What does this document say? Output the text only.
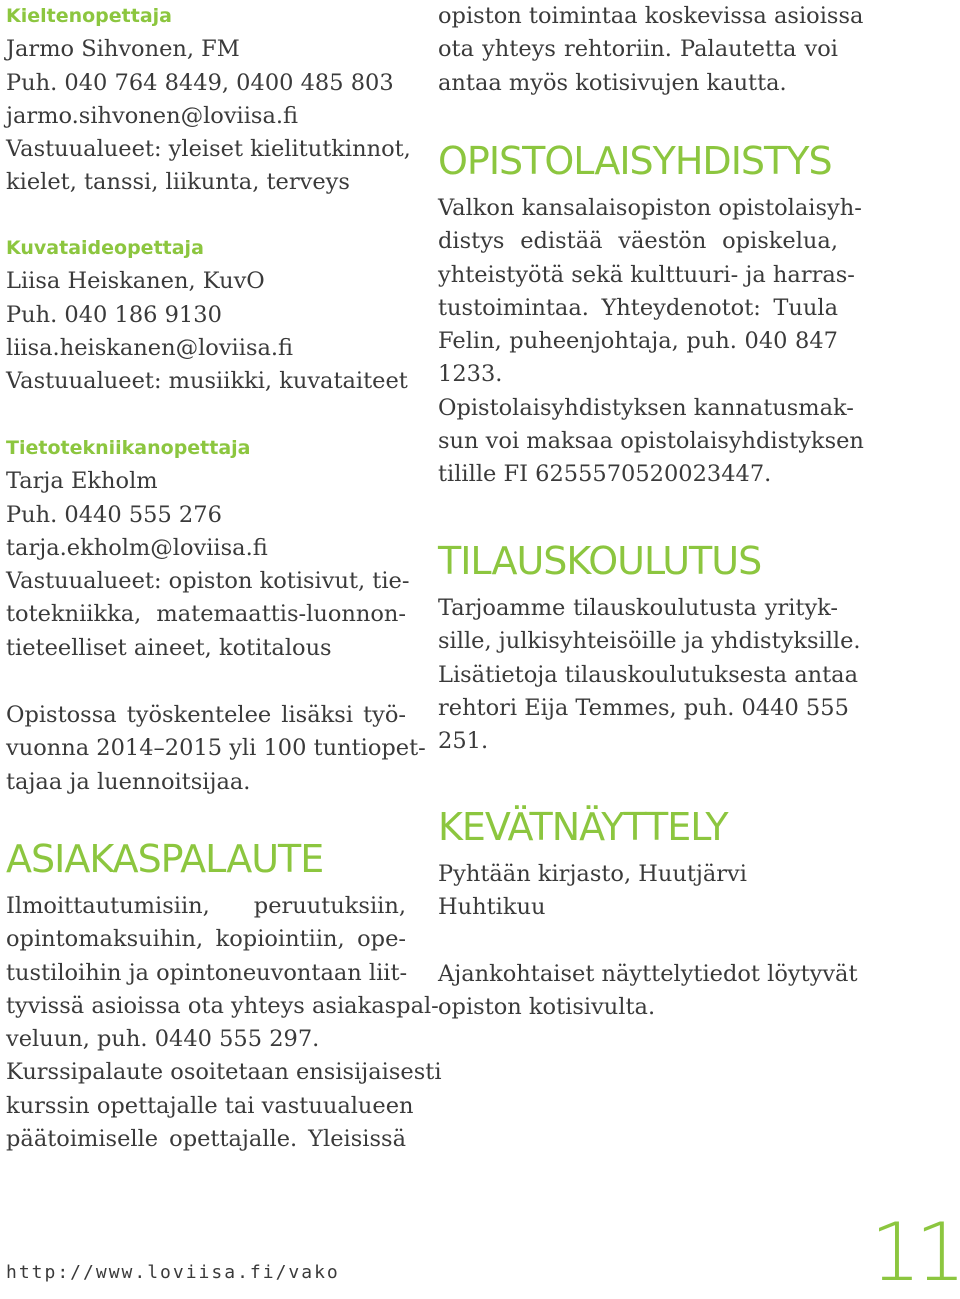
Kieltenopettaja
Jarmo Sihvonen, FM
Puh. 040 764 8449, 0400 485 803
jarmo.sihvonen@loviisa.fi
Vastuualueet: yleiset kielitutkinnot,
kielet, tanssi, liikunta, terveys
Kuvataideopettaja
Liisa Heiskanen, KuvO
Puh. 040 186 9130
liisa.heiskanen@loviisa.fi
Vastuualueet: musiikki, kuvataiteet
Tietotekniikanopettaja
Tarja Ekholm
Puh. 0440 555 276
tarja.ekholm@loviisa.fi
Vastuualueet: opiston kotisivut, tie-
totekniikka, matemaattis-luonnon-
tieteelliset aineet, kotitalous
Opistossa työskentelee lisäksi työ-
vuonna 2014–2015 yli 100 tuntiopet-
tajaa ja luennoitsijaa.
ASIAKASPALAUTE
Ilmoittautumisiin, peruutuksiin,
opintomaksuihin, kopiointiin, ope-
tustiloihin ja opintoneuvontaan liit-
tyvissä asioissa ota yhteys asiakaspal-
veluun, puh. 0440 555 297.
Kurssipalaute osoitetaan ensisijaisesti
kurssin opettajalle tai vastuualueen
päätoimiselle opettajalle. Yleisissä
opiston toimintaa koskevissa asioissa
ota yhteys rehtoriin. Palautetta voi
antaa myös kotisivujen kautta.
OPISTOLAISYHDISTYS
Valkon kansalaisopiston opistolaisyh-
distys edistää väestön opiskelua,
yhteistyötä sekä kulttuuri- ja harras-
tustoimintaa. Yhteydenotot: Tuula
Felin, puheenjohtaja, puh. 040 847
1233.
Opistolaisyhdistyksen kannatusmak-
sun voi maksaa opistolaisyhdistyksen
tilille FI 6255570520023447.
TILAUSKOULUTUS
Tarjoamme tilauskoulutusta yrityk-
sille, julkisyhteisöille ja yhdistyksille.
Lisätietoja tilauskoulutuksesta antaa
rehtori Eija Temmes, puh. 0440 555
251.
KEVÄTNÄYTTELY
Pyhtään kirjasto, Huutjärvi
Huhtikuu
Ajankohtaiset näyttelytiedot löytyvät
opiston kotisivulta.
http://www.loviisa.fi/vako	11
